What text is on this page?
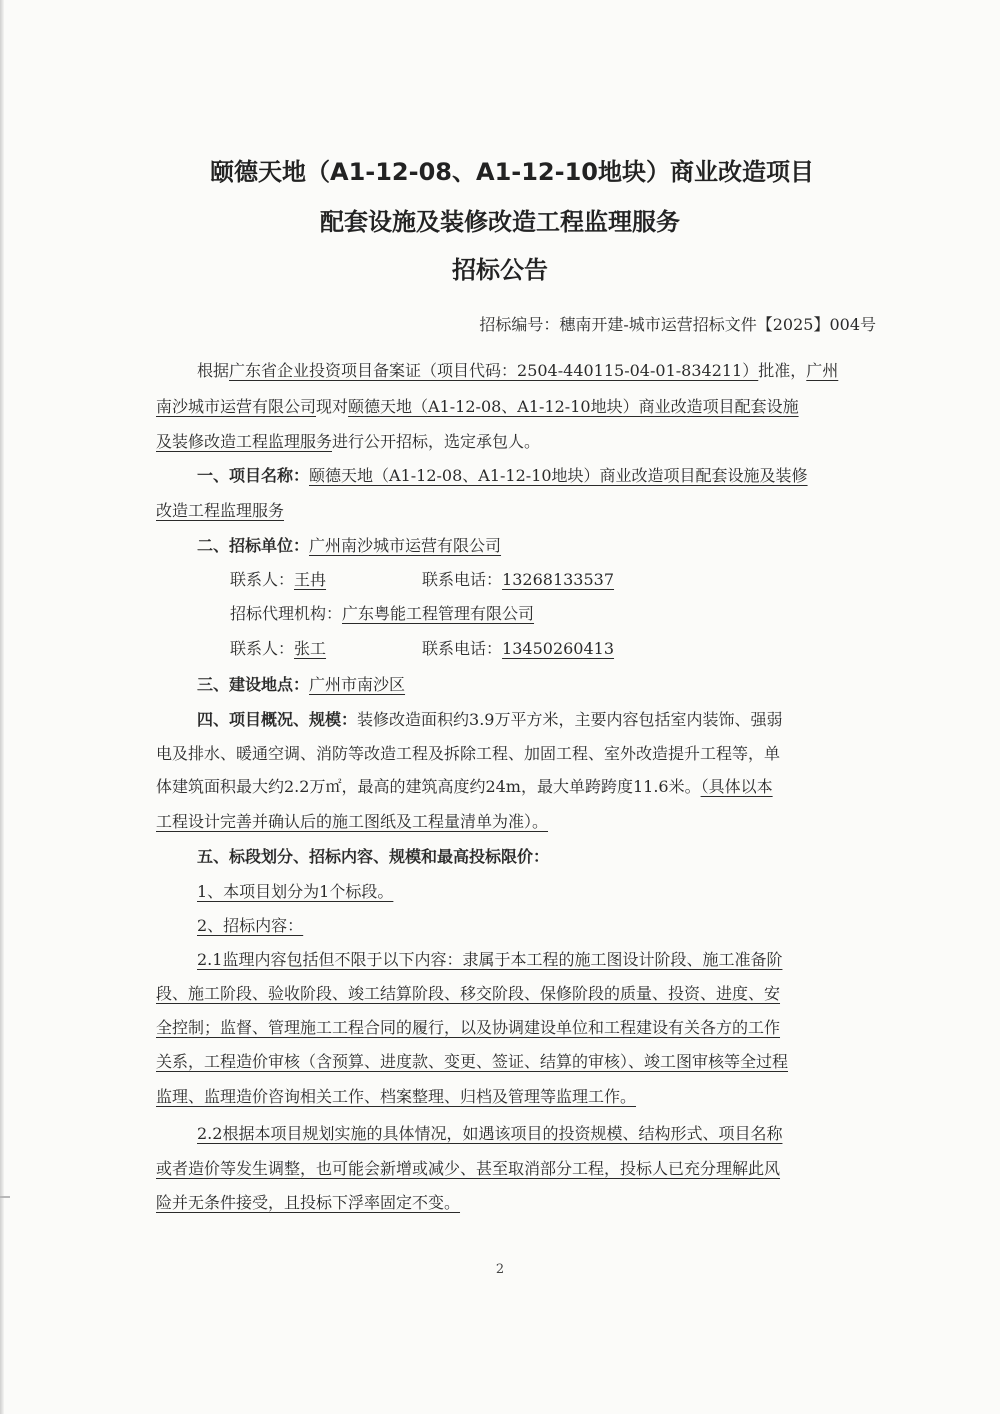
颐德天地（A1-12-08、A1-12-10地块）商业改造项目
配套设施及装修改造工程监理服务
招标公告
招标编号：穗南开建-城市运营招标文件【2025】004号
根据广东省企业投资项目备案证（项目代码：2504-440115-04-01-834211）批准，广州
南沙城市运营有限公司现对颐德天地（A1-12-08、A1-12-10地块）商业改造项目配套设施
及装修改造工程监理服务进行公开招标，选定承包人。
一、项目名称：颐德天地（A1-12-08、A1-12-10地块）商业改造项目配套设施及装修
改造工程监理服务
二、招标单位：广州南沙城市运营有限公司
联系人：王冉	联系电话：13268133537
招标代理机构：广东粤能工程管理有限公司
联系人：张工	联系电话：13450260413
三、建设地点：广州市南沙区
四、项目概况、规模：装修改造面积约3.9万平方米，主要内容包括室内装饰、强弱
电及排水、暖通空调、消防等改造工程及拆除工程、加固工程、室外改造提升工程等，单
体建筑面积最大约2.2万㎡，最高的建筑高度约24m，最大单跨跨度11.6米。（具体以本
工程设计完善并确认后的施工图纸及工程量清单为准）。
五、标段划分、招标内容、规模和最高投标限价：
1、本项目划分为1个标段。
2、招标内容：
2.1监理内容包括但不限于以下内容：隶属于本工程的施工图设计阶段、施工准备阶
段、施工阶段、验收阶段、竣工结算阶段、移交阶段、保修阶段的质量、投资、进度、安
全控制；监督、管理施工工程合同的履行，以及协调建设单位和工程建设有关各方的工作
关系，工程造价审核（含预算、进度款、变更、签证、结算的审核）、竣工图审核等全过程
监理、监理造价咨询相关工作、档案整理、归档及管理等监理工作。
2.2根据本项目规划实施的具体情况，如遇该项目的投资规模、结构形式、项目名称
或者造价等发生调整，也可能会新增或减少、甚至取消部分工程，投标人已充分理解此风
险并无条件接受，且投标下浮率固定不变。
2
